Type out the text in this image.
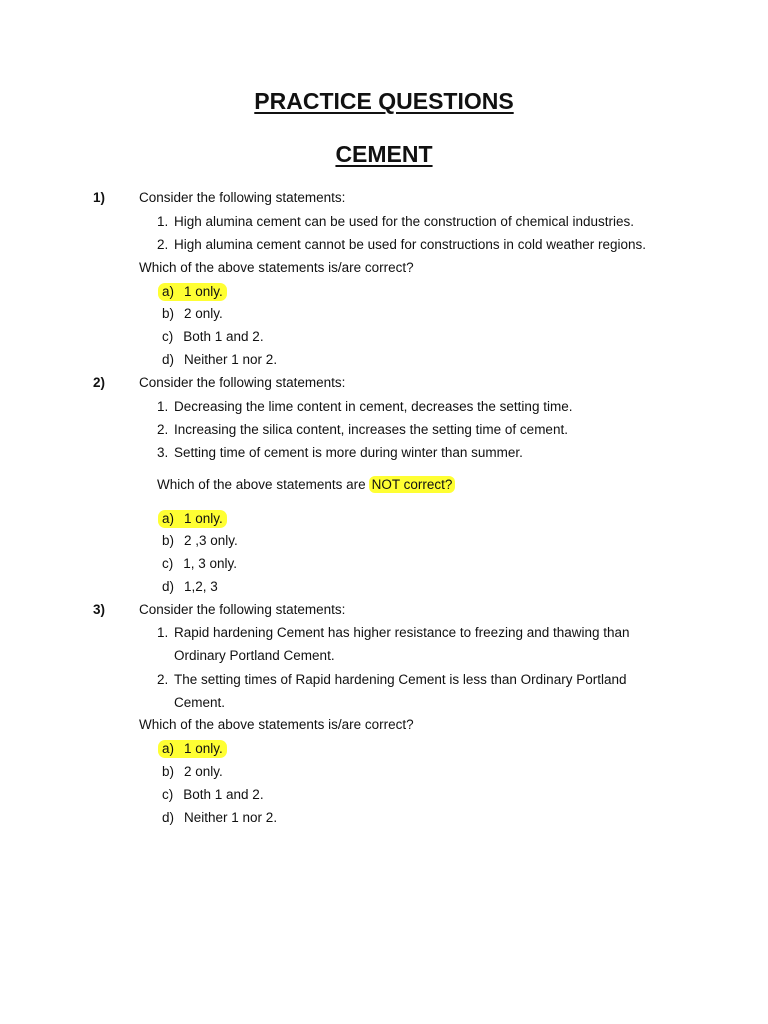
PRACTICE QUESTIONS
CEMENT
1)	Consider the following statements:
1. High alumina cement can be used for the construction of chemical industries.
2. High alumina cement cannot be used for constructions in cold weather regions.
Which of the above statements is/are correct?
a) 1 only.
b) 2 only.
c) Both 1 and 2.
d) Neither 1 nor 2.
2)	Consider the following statements:
1. Decreasing the lime content in cement, decreases the setting time.
2. Increasing the silica content, increases the setting time of cement.
3. Setting time of cement is more during winter than summer.
Which of the above statements are NOT correct?
a) 1 only.
b) 2 ,3 only.
c) 1, 3 only.
d) 1,2, 3
3)	Consider the following statements:
1. Rapid hardening Cement has higher resistance to freezing and thawing than
Ordinary Portland Cement.
2. The setting times of Rapid hardening Cement is less than Ordinary Portland
Cement.
Which of the above statements is/are correct?
a) 1 only.
b) 2 only.
c) Both 1 and 2.
d) Neither 1 nor 2.
